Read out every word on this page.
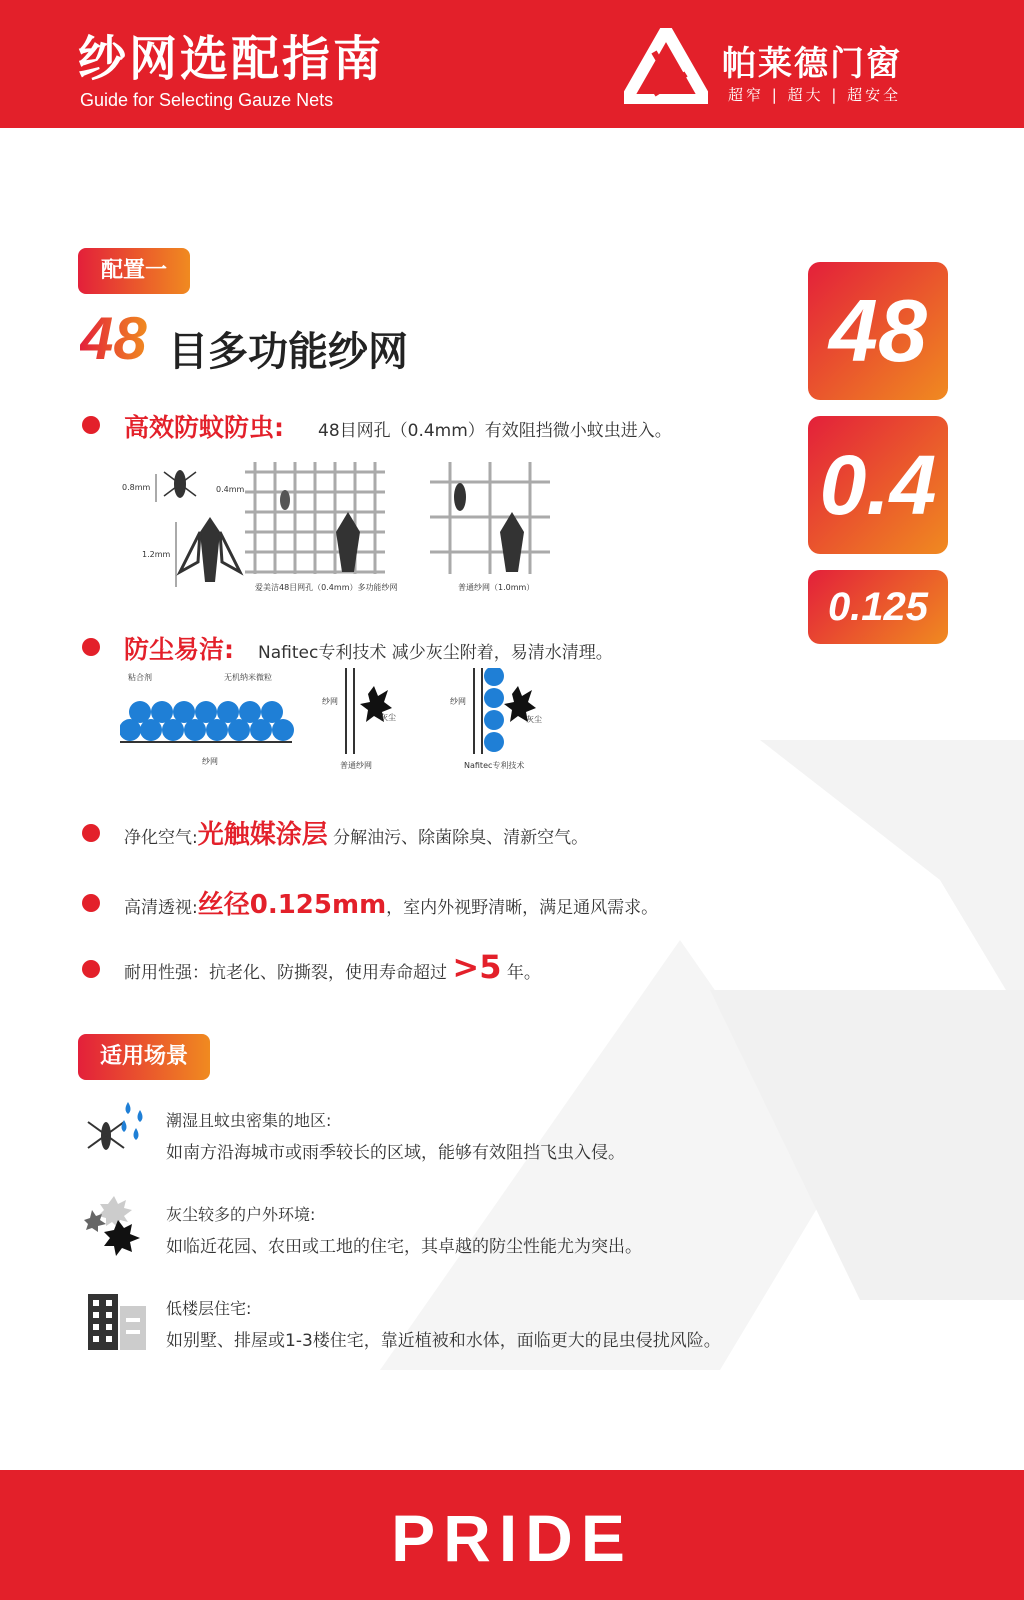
纱网选配指南
Guide for Selecting Gauze Nets
帕莱德门窗
超窄 | 超大 | 超安全
配置一
48 目多功能纱网	48
0.4
0.125
高效防蚊防虫: 48目网孔（0.4mm）有效阻挡微小蚊虫进入。
0.8mm
1.2mm
0.4mm
爱美洁48目网孔（0.4mm）多功能纱网	普通纱网（1.0mm）
防尘易洁: Nafitec专利技术 减少灰尘附着，易清水清理。
粘合剂	无机纳米微粒
纱网
纱网
灰尘
普通纱网
纱网
灰尘
Nafitec专利技术
净化空气:光触媒涂层 分解油污、除菌除臭、清新空气。
高清透视:丝径0.125mm，室内外视野清晰，满足通风需求。
耐用性强：抗老化、防撕裂，使用寿命超过 >5 年。
适用场景
潮湿且蚊虫密集的地区:
如南方沿海城市或雨季较长的区域，能够有效阻挡飞虫入侵。
灰尘较多的户外环境:
如临近花园、农田或工地的住宅，其卓越的防尘性能尤为突出。
低楼层住宅:
如别墅、排屋或1-3楼住宅，靠近植被和水体，面临更大的昆虫侵扰风险。
PRIDE
